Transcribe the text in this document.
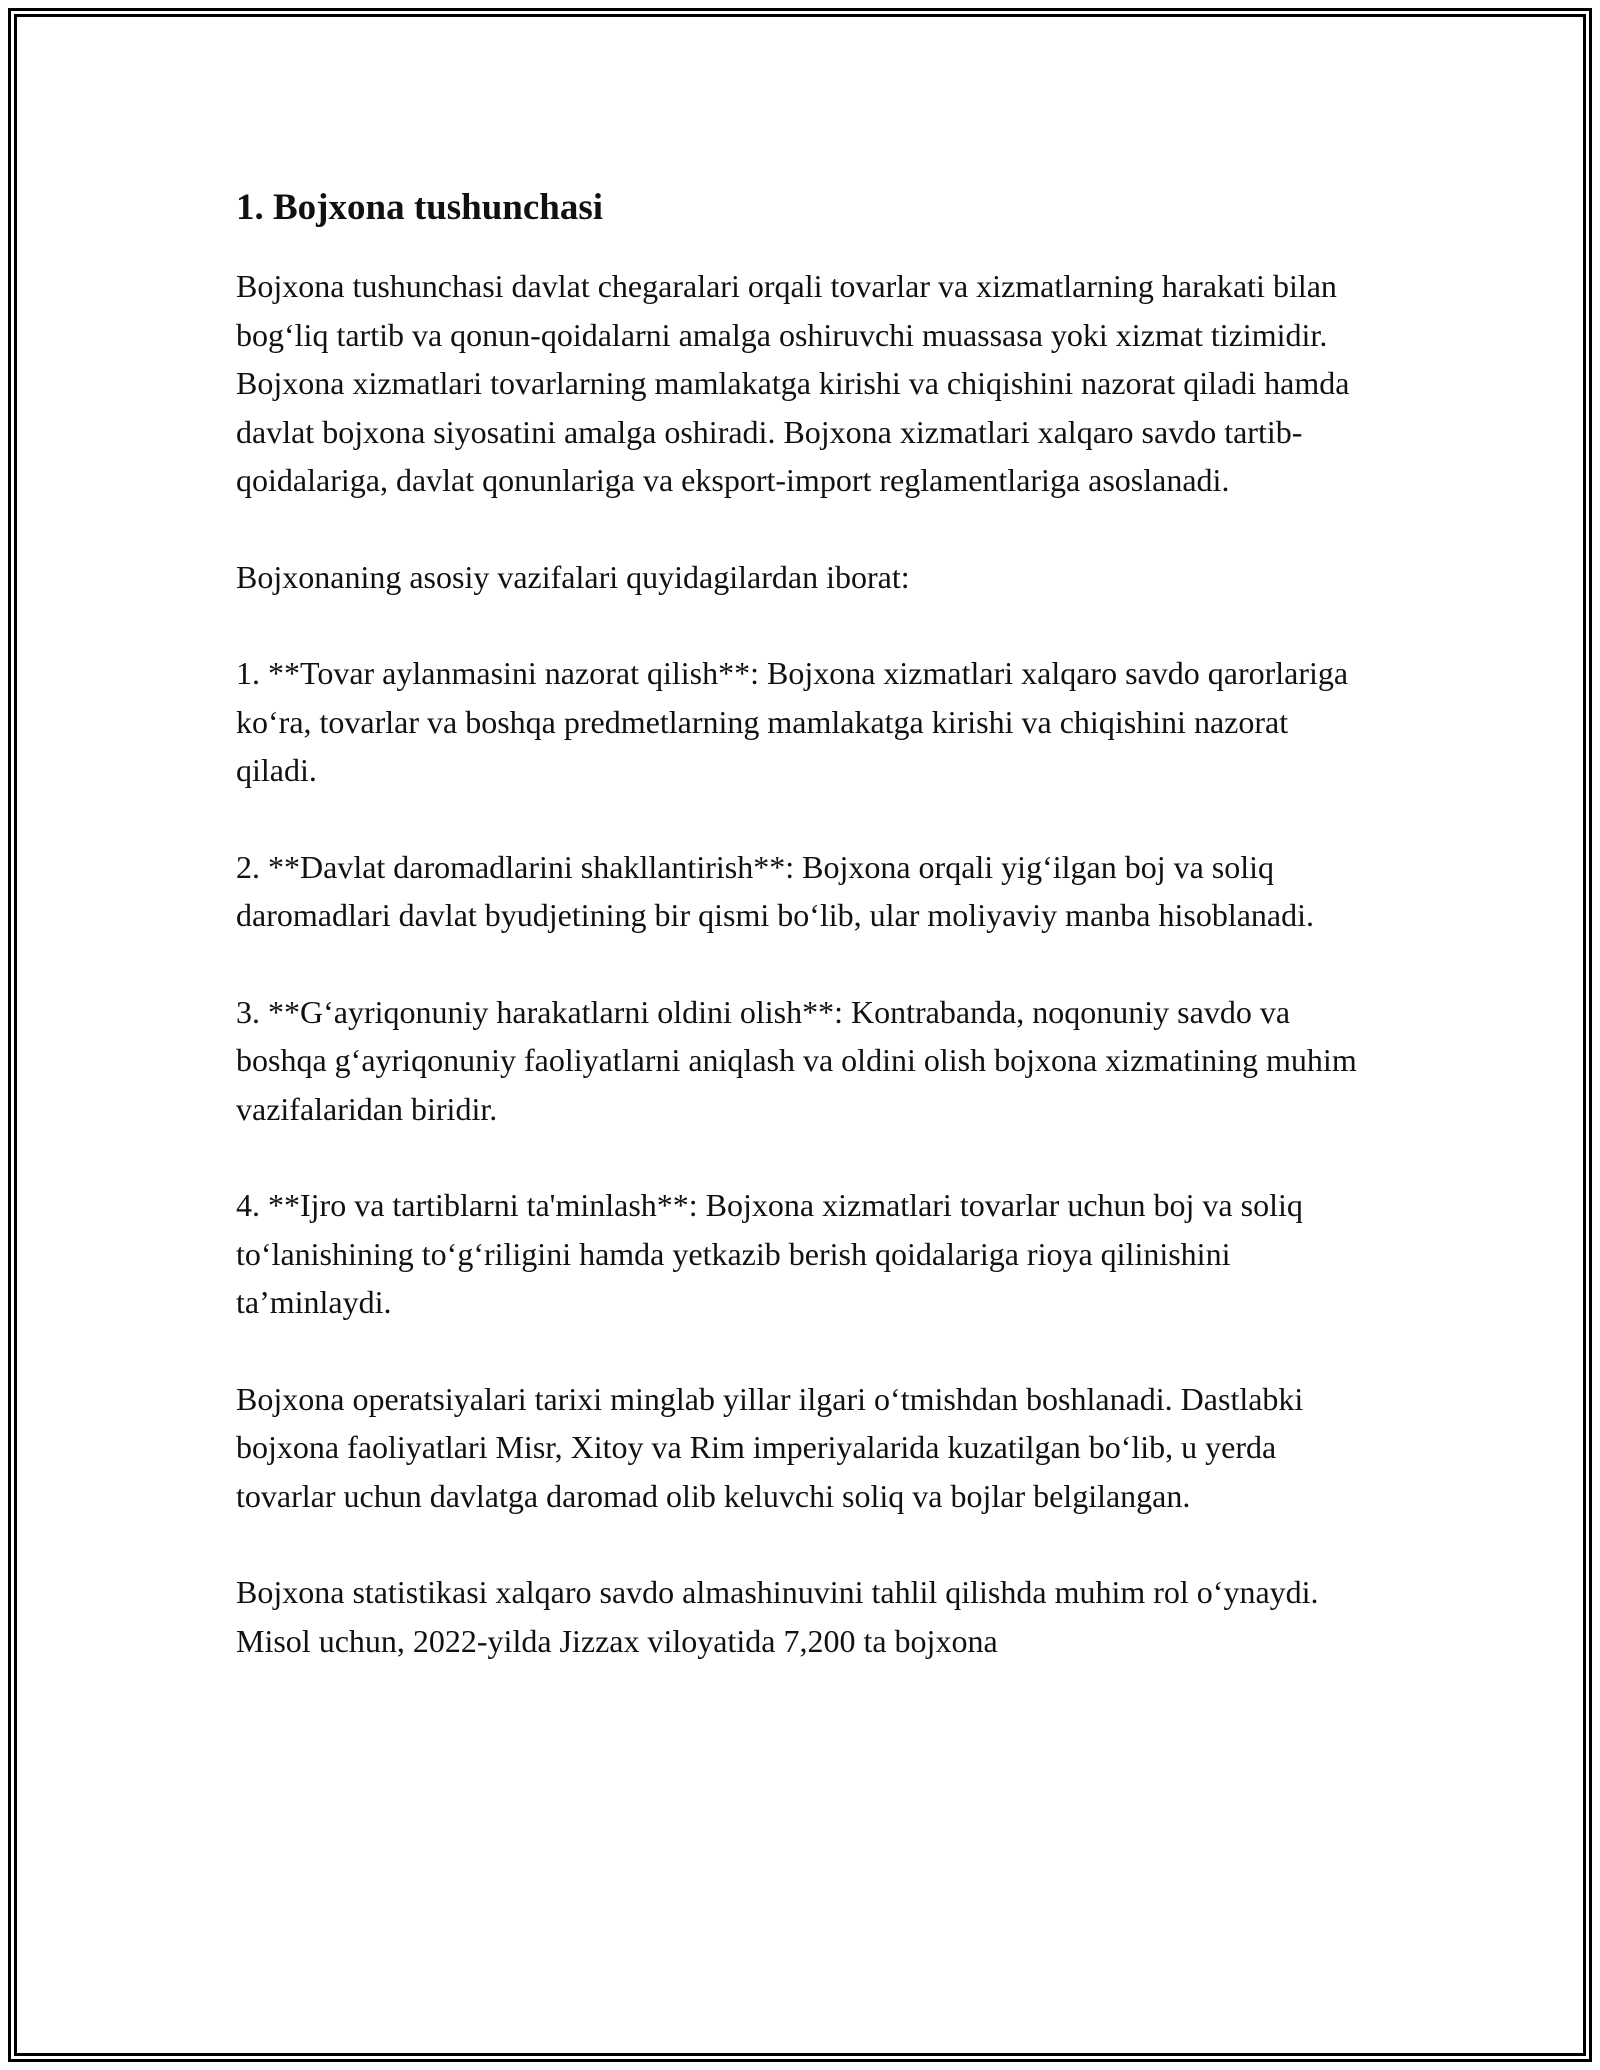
1. Bojxona tushunchasi

Bojxona tushunchasi davlat chegaralari orqali tovarlar va xizmatlarning harakati bilan bog‘liq tartib va qonun-qoidalarni amalga oshiruvchi muassasa yoki xizmat tizimidir. Bojxona xizmatlari tovarlarning mamlakatga kirishi va chiqishini nazorat qiladi hamda davlat bojxona siyosatini amalga oshiradi. Bojxona xizmatlari xalqaro savdo tartib-qoidalariga, davlat qonunlariga va eksport-import reglamentlariga asoslanadi.

Bojxonaning asosiy vazifalari quyidagilardan iborat:

1. **Tovar aylanmasini nazorat qilish**: Bojxona xizmatlari xalqaro savdo qarorlariga ko‘ra, tovarlar va boshqa predmetlarning mamlakatga kirishi va chiqishini nazorat qiladi.

2. **Davlat daromadlarini shakllantirish**: Bojxona orqali yig‘ilgan boj va soliq daromadlari davlat byudjetining bir qismi bo‘lib, ular moliyaviy manba hisoblanadi.

3. **G‘ayriqonuniy harakatlarni oldini olish**: Kontrabanda, noqonuniy savdo va boshqa g‘ayriqonuniy faoliyatlarni aniqlash va oldini olish bojxona xizmatining muhim vazifalaridan biridir.

4. **Ijro va tartiblarni ta'minlash**: Bojxona xizmatlari tovarlar uchun boj va soliq to‘lanishining to‘g‘riligini hamda yetkazib berish qoidalariga rioya qilinishini ta’minlaydi.

Bojxona operatsiyalari tarixi minglab yillar ilgari o‘tmishdan boshlanadi. Dastlabki bojxona faoliyatlari Misr, Xitoy va Rim imperiyalarida kuzatilgan bo‘lib, u yerda tovarlar uchun davlatga daromad olib keluvchi soliq va bojlar belgilangan.

Bojxona statistikasi xalqaro savdo almashinuvini tahlil qilishda muhim rol o‘ynaydi. Misol uchun, 2022-yilda Jizzax viloyatida 7,200 ta bojxona
